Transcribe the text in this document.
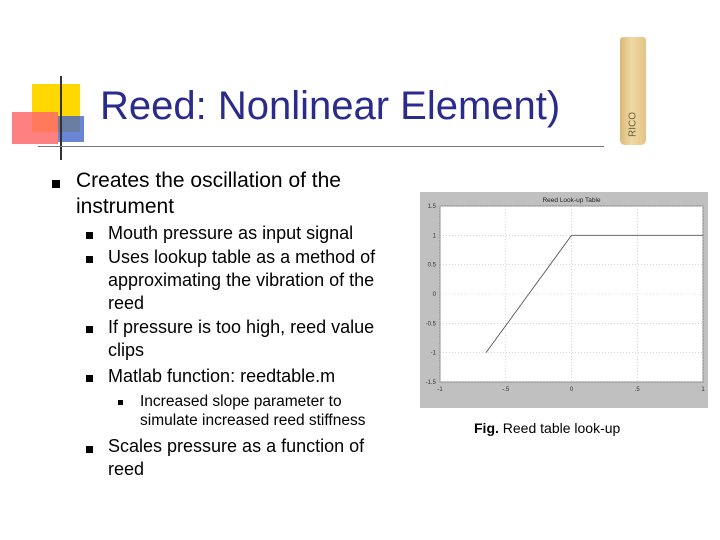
Reed: Nonlinear Element)	RICO
Creates the oscillation of the
instrument
Mouth pressure as input signal
Uses lookup table as a method of
approximating the vibration of the
reed
If pressure is too high, reed value
clips
Matlab function: reedtable.m
Increased slope parameter to
simulate increased reed stiffness
Scales pressure as a function of
reed
-1	-.5	0	.5	1
1.5
1
0.5
0
-0.5
-1
-1.5
Reed Look-up Table
Fig. Reed table look-up
